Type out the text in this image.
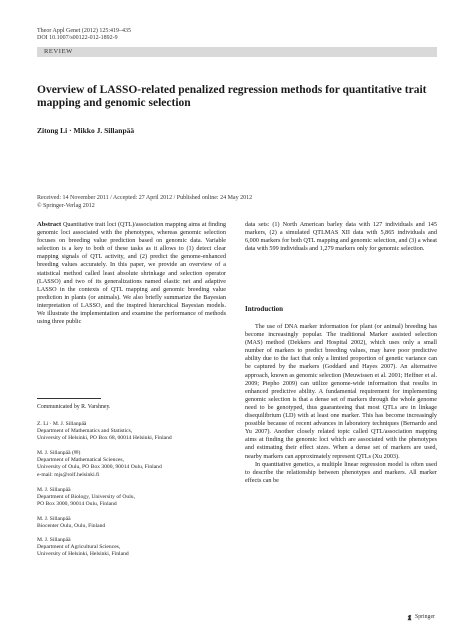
Theor Appl Genet (2012) 125:419–435
DOI 10.1007/s00122-012-1892-9
REVIEW
Overview of LASSO-related penalized regression methods for quantitative trait mapping and genomic selection
Zitong Li · Mikko J. Sillanpää
Received: 14 November 2011 / Accepted: 27 April 2012 / Published online: 24 May 2012
© Springer-Verlag 2012

Abstract Quantitative trait loci (QTL)/association mapping aims at finding genomic loci associated with the phenotypes, whereas genomic selection focuses on breeding value prediction based on genomic data. Variable selection is a key to both of these tasks as it allows to (1) detect clear mapping signals of QTL activity, and (2) predict the genome-enhanced breeding values accurately. In this paper, we provide an overview of a statistical method called least absolute shrinkage and selection operator (LASSO) and two of its generalizations named elastic net and adaptive LASSO in the contexts of QTL mapping and genomic breeding value prediction in plants (or animals). We also briefly summarize the Bayesian interpretation of LASSO, and the inspired hierarchical Bayesian models. We illustrate the implementation and examine the performance of methods using three public

Communicated by R. Varshney.
Z. Li · M. J. Sillanpää
Department of Mathematics and Statistics,
University of Helsinki, PO Box 68, 00014 Helsinki, Finland
M. J. Sillanpää (✉)
Department of Mathematical Sciences,
University of Oulu, PO Box 3000, 90014 Oulu, Finland
e-mail: mjs@rolf.helsinki.fi
M. J. Sillanpää
Department of Biology, University of Oulu,
PO Box 3000, 90014 Oulu, Finland
M. J. Sillanpää
Biocenter Oulu, Oulu, Finland
M. J. Sillanpää
Department of Agricultural Sciences,
University of Helsinki, Helsinki, Finland

data sets: (1) North American barley data with 127 individuals and 145 markers, (2) a simulated QTLMAS XII data with 5,865 individuals and 6,000 markers for both QTL mapping and genomic selection, and (3) a wheat data with 599 individuals and 1,279 markers only for genomic selection.

Introduction

The use of DNA marker information for plant (or animal) breeding has become increasingly popular. The traditional Marker assisted selection (MAS) method (Dekkers and Hospital 2002), which uses only a small number of markers to predict breeding values, may have poor predictive ability due to the fact that only a limited proportion of genetic variance can be captured by the markers (Goddard and Hayes 2007). An alternative approach, known as genomic selection (Meuwissen et al. 2001; Heffner et al. 2009; Piepho 2009) can utilize genome-wide information that results in enhanced predictive ability. A fundamental requirement for implementing genomic selection is that a dense set of markers through the whole genome need to be genotyped, thus guaranteeing that most QTLs are in linkage disequilibrium (LD) with at least one marker. This has become increasingly possible because of recent advances in laboratory techniques (Bernardo and Yu 2007). Another closely related topic called QTL/association mapping aims at finding the genomic loci which are associated with the phenotypes and estimating their effect sizes. When a dense set of markers are used, nearby markers can approximately represent QTLs (Xu 2003).

In quantitative genetics, a multiple linear regression model is often used to describe the relationship between phenotypes and markers. All marker effects can be

Springer
